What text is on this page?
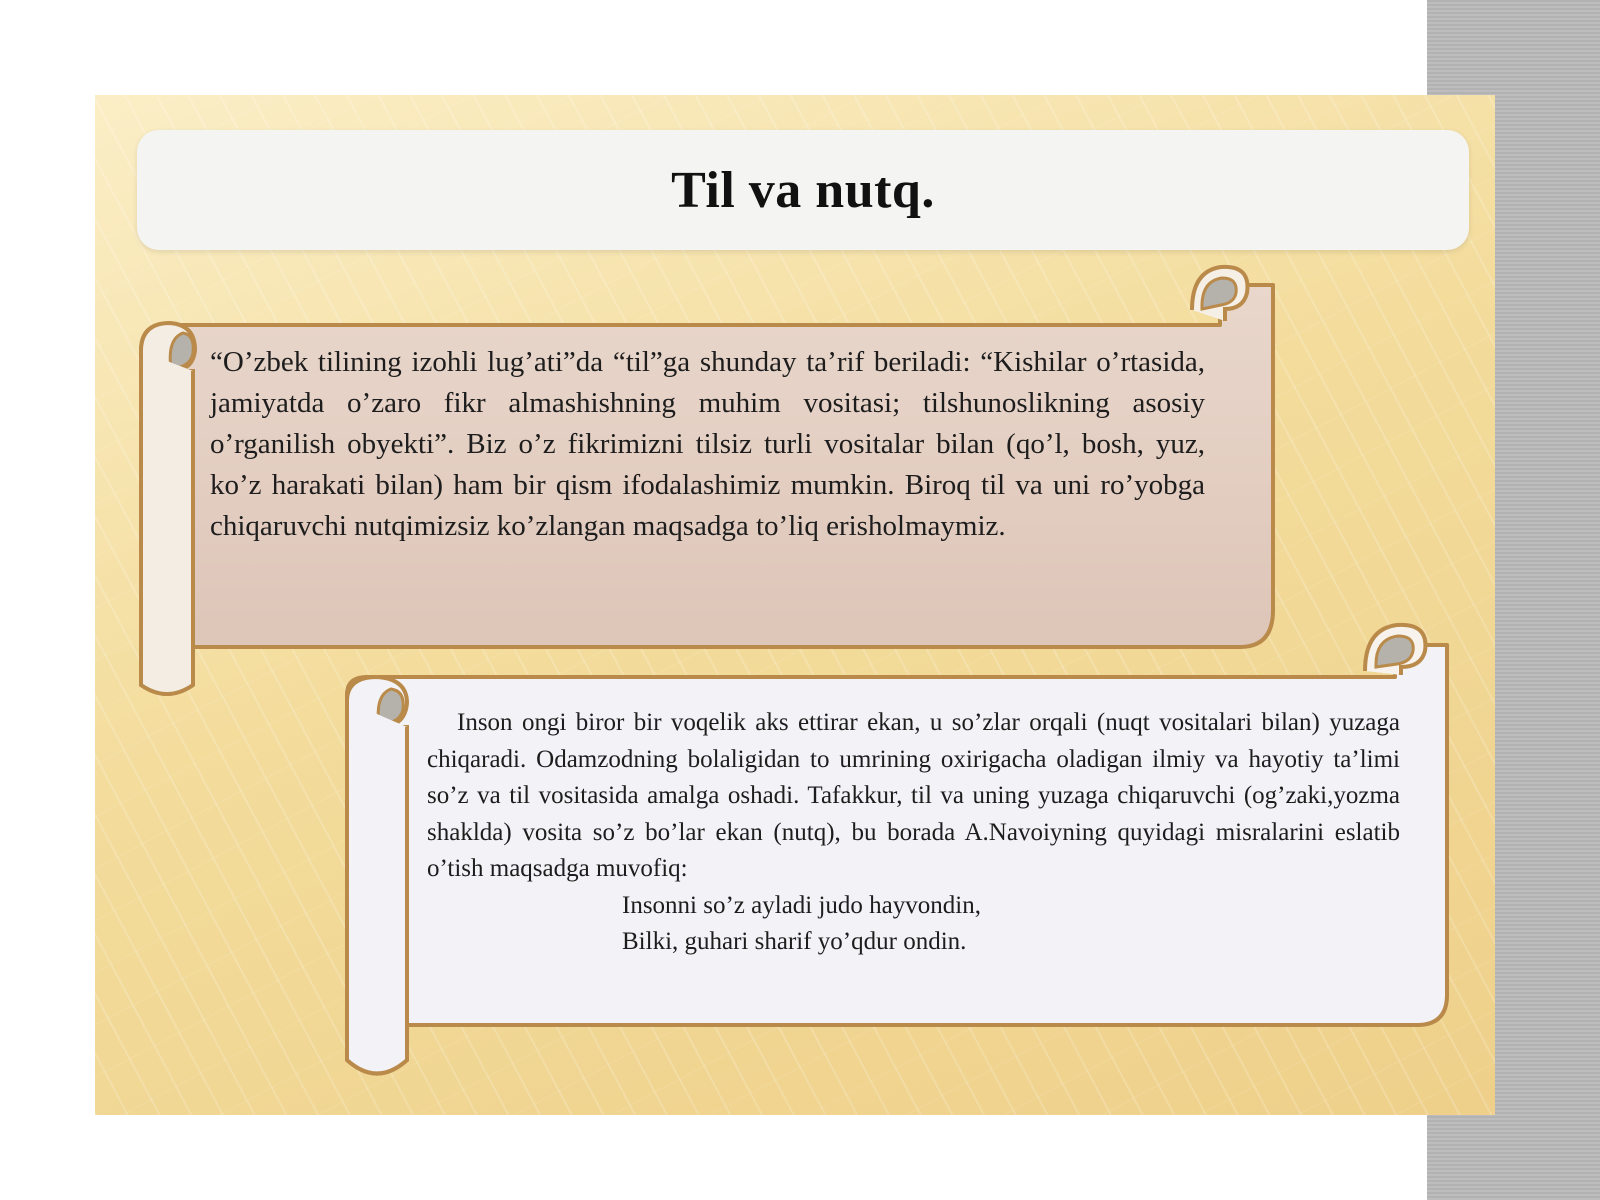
Til va nutq.
“O’zbek tilining izohli lug’ati”da “til”ga shunday ta’rif beriladi: “Kishilar o’rtasida, jamiyatda o’zaro fikr almashishning muhim vositasi; tilshunoslikning asosiy o’rganilish obyekti”. Biz o’z fikrimizni tilsiz turli vositalar bilan (qo’l, bosh, yuz, ko’z harakati bilan) ham bir qism ifodalashimiz mumkin. Biroq til va uni ro’yobga chiqaruvchi nutqimizsiz ko’zlangan maqsadga to’liq erisholmaymiz.

Inson ongi biror bir voqelik aks ettirar ekan, u so’zlar orqali (nuqt vositalari bilan) yuzaga chiqaradi. Odamzodning bolaligidan to umrining oxirigacha oladigan ilmiy va hayotiy ta’limi so’z va til vositasida amalga oshadi. Tafakkur, til va uning yuzaga chiqaruvchi (og’zaki,yozma shaklda) vosita so’z bo’lar ekan (nutq), bu borada A.Navoiyning quyidagi misralarini eslatib o’tish maqsadga muvofiq:

Insonni so’z ayladi judo hayvondin,
Bilki, guhari sharif yo’qdur ondin.
